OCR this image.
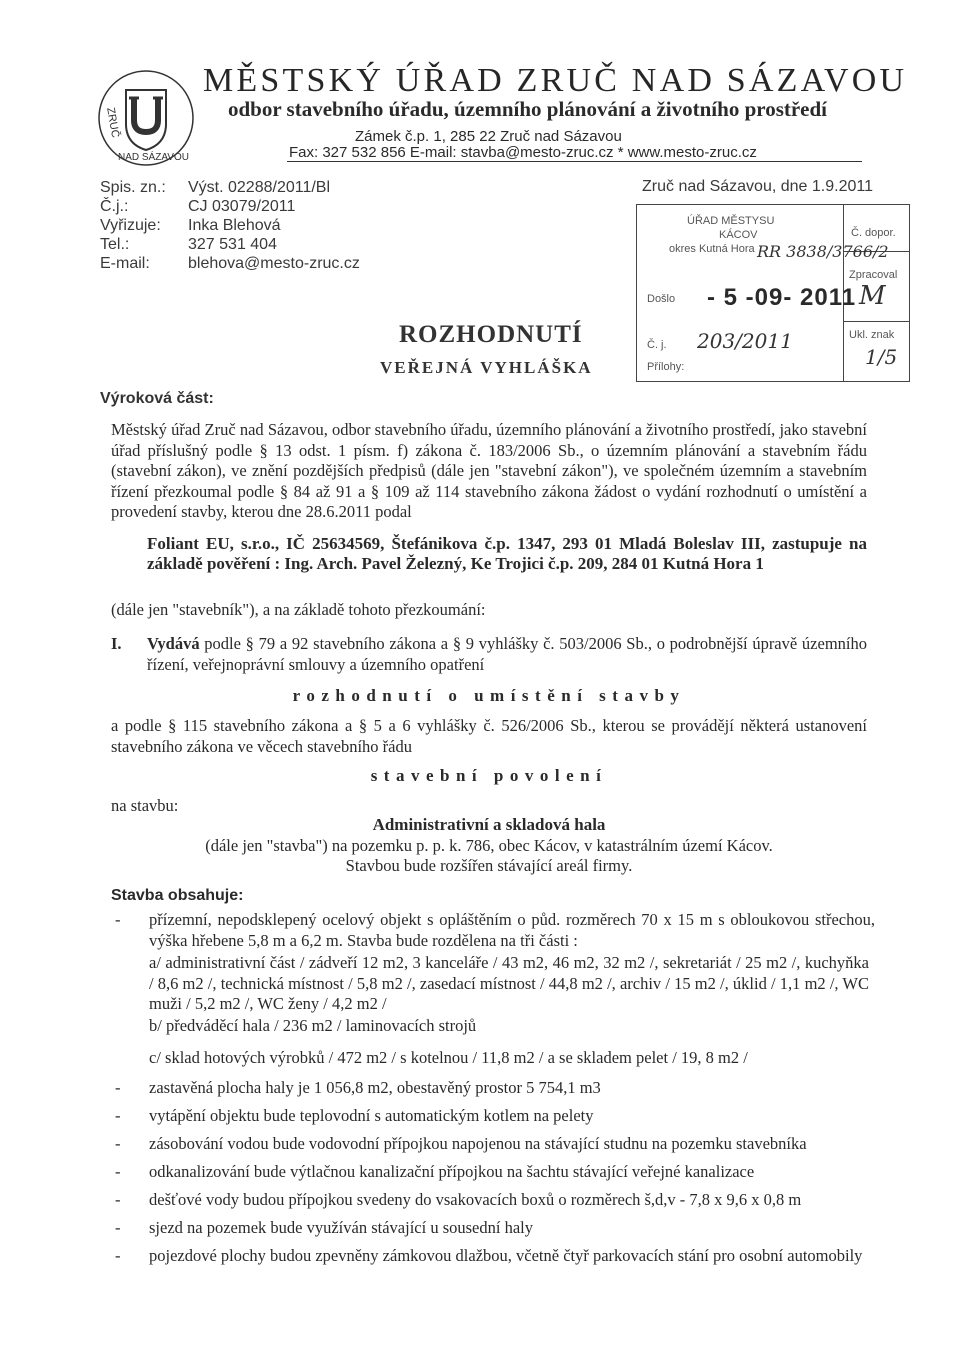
ZRUČ
NAD SÁZAVOU
MĚSTSKÝ ÚŘAD ZRUČ NAD SÁZAVOU
odbor stavebního úřadu, územního plánování a životního prostředí
Zámek č.p. 1, 285 22 Zruč nad Sázavou
Fax: 327 532 856 E-mail: stavba@mesto-zruc.cz * www.mesto-zruc.cz
Spis. zn.:	Výst. 02288/2011/Bl
Č.j.:	CJ 03079/2011
Vyřizuje:	Inka Blehová
Tel.:	327 531 404
E-mail:	blehova@mesto-zruc.cz
Zruč nad Sázavou, dne 1.9.2011
ÚŘAD MĚSTYSU
KÁCOV
okres Kutná Hora RR 3838/3766/2
Došlo - 5 -09- 2011
Č. j. 203/2011
Přílohy:
Č. dopor.
Zpracoval
M
Ukl. znak
1/5
ROZHODNUTÍ
VEŘEJNÁ VYHLÁŠKA
Výroková část:
Městský úřad Zruč nad Sázavou, odbor stavebního úřadu, územního plánování a životního prostředí, jako stavební úřad příslušný podle § 13 odst. 1 písm. f) zákona č. 183/2006 Sb., o územním plánování a stavebním řádu (stavební zákon), ve znění pozdějších předpisů (dále jen "stavební zákon"), ve společném územním a stavebním řízení přezkoumal podle § 84 až 91 a § 109 až 114 stavebního zákona žádost o vydání rozhodnutí o umístění a provedení stavby, kterou dne 28.6.2011 podal
Foliant EU, s.r.o., IČ 25634569, Štefánikova č.p. 1347, 293 01 Mladá Boleslav III, zastupuje na základě pověření : Ing. Arch. Pavel Železný, Ke Trojici č.p. 209, 284 01 Kutná Hora 1
(dále jen "stavebník"), a na základě tohoto přezkoumání:
I. Vydává podle § 79 a 92 stavebního zákona a § 9 vyhlášky č. 503/2006 Sb., o podrobnější úpravě územního řízení, veřejnoprávní smlouvy a územního opatření
rozhodnutí o umístění stavby
a podle § 115 stavebního zákona a § 5 a 6 vyhlášky č. 526/2006 Sb., kterou se provádějí některá ustanovení stavebního zákona ve věcech stavebního řádu
stavební povolení
na stavbu:
Administrativní a skladová hala
(dále jen "stavba") na pozemku p. p. k. 786, obec Kácov, v katastrálním území Kácov.
Stavbou bude rozšířen stávající areál firmy.
Stavba obsahuje:
- přízemní, nepodsklepený ocelový objekt s opláštěním o půd. rozměrech 70 x 15 m s obloukovou střechou, výška hřebene 5,8 m a 6,2 m. Stavba bude rozdělena na tři části :
a/ administrativní část / zádveří 12 m2, 3 kanceláře / 43 m2, 46 m2, 32 m2 /, sekretariát / 25 m2 /, kuchyňka / 8,6 m2 /, technická místnost / 5,8 m2 /, zasedací místnost / 44,8 m2 /, archiv / 15 m2 /, úklid / 1,1 m2 /, WC muži / 5,2 m2 /, WC ženy / 4,2 m2 /
b/ předváděcí hala / 236 m2 / laminovacích strojů
c/ sklad hotových výrobků / 472 m2 / s kotelnou / 11,8 m2 / a se skladem pelet / 19, 8 m2 /
- zastavěná plocha haly je 1 056,8 m2, obestavěný prostor 5 754,1 m3
- vytápění objektu bude teplovodní s automatickým kotlem na pelety
- zásobování vodou bude vodovodní přípojkou napojenou na stávající studnu na pozemku stavebníka
- odkanalizování bude výtlačnou kanalizační přípojkou na šachtu stávající veřejné kanalizace
- dešťové vody budou přípojkou svedeny do vsakovacích boxů o rozměrech š,d,v - 7,8 x 9,6 x 0,8 m
- sjezd na pozemek bude využíván stávající u sousední haly
- pojezdové plochy budou zpevněny zámkovou dlažbou, včetně čtyř parkovacích stání pro osobní automobily
